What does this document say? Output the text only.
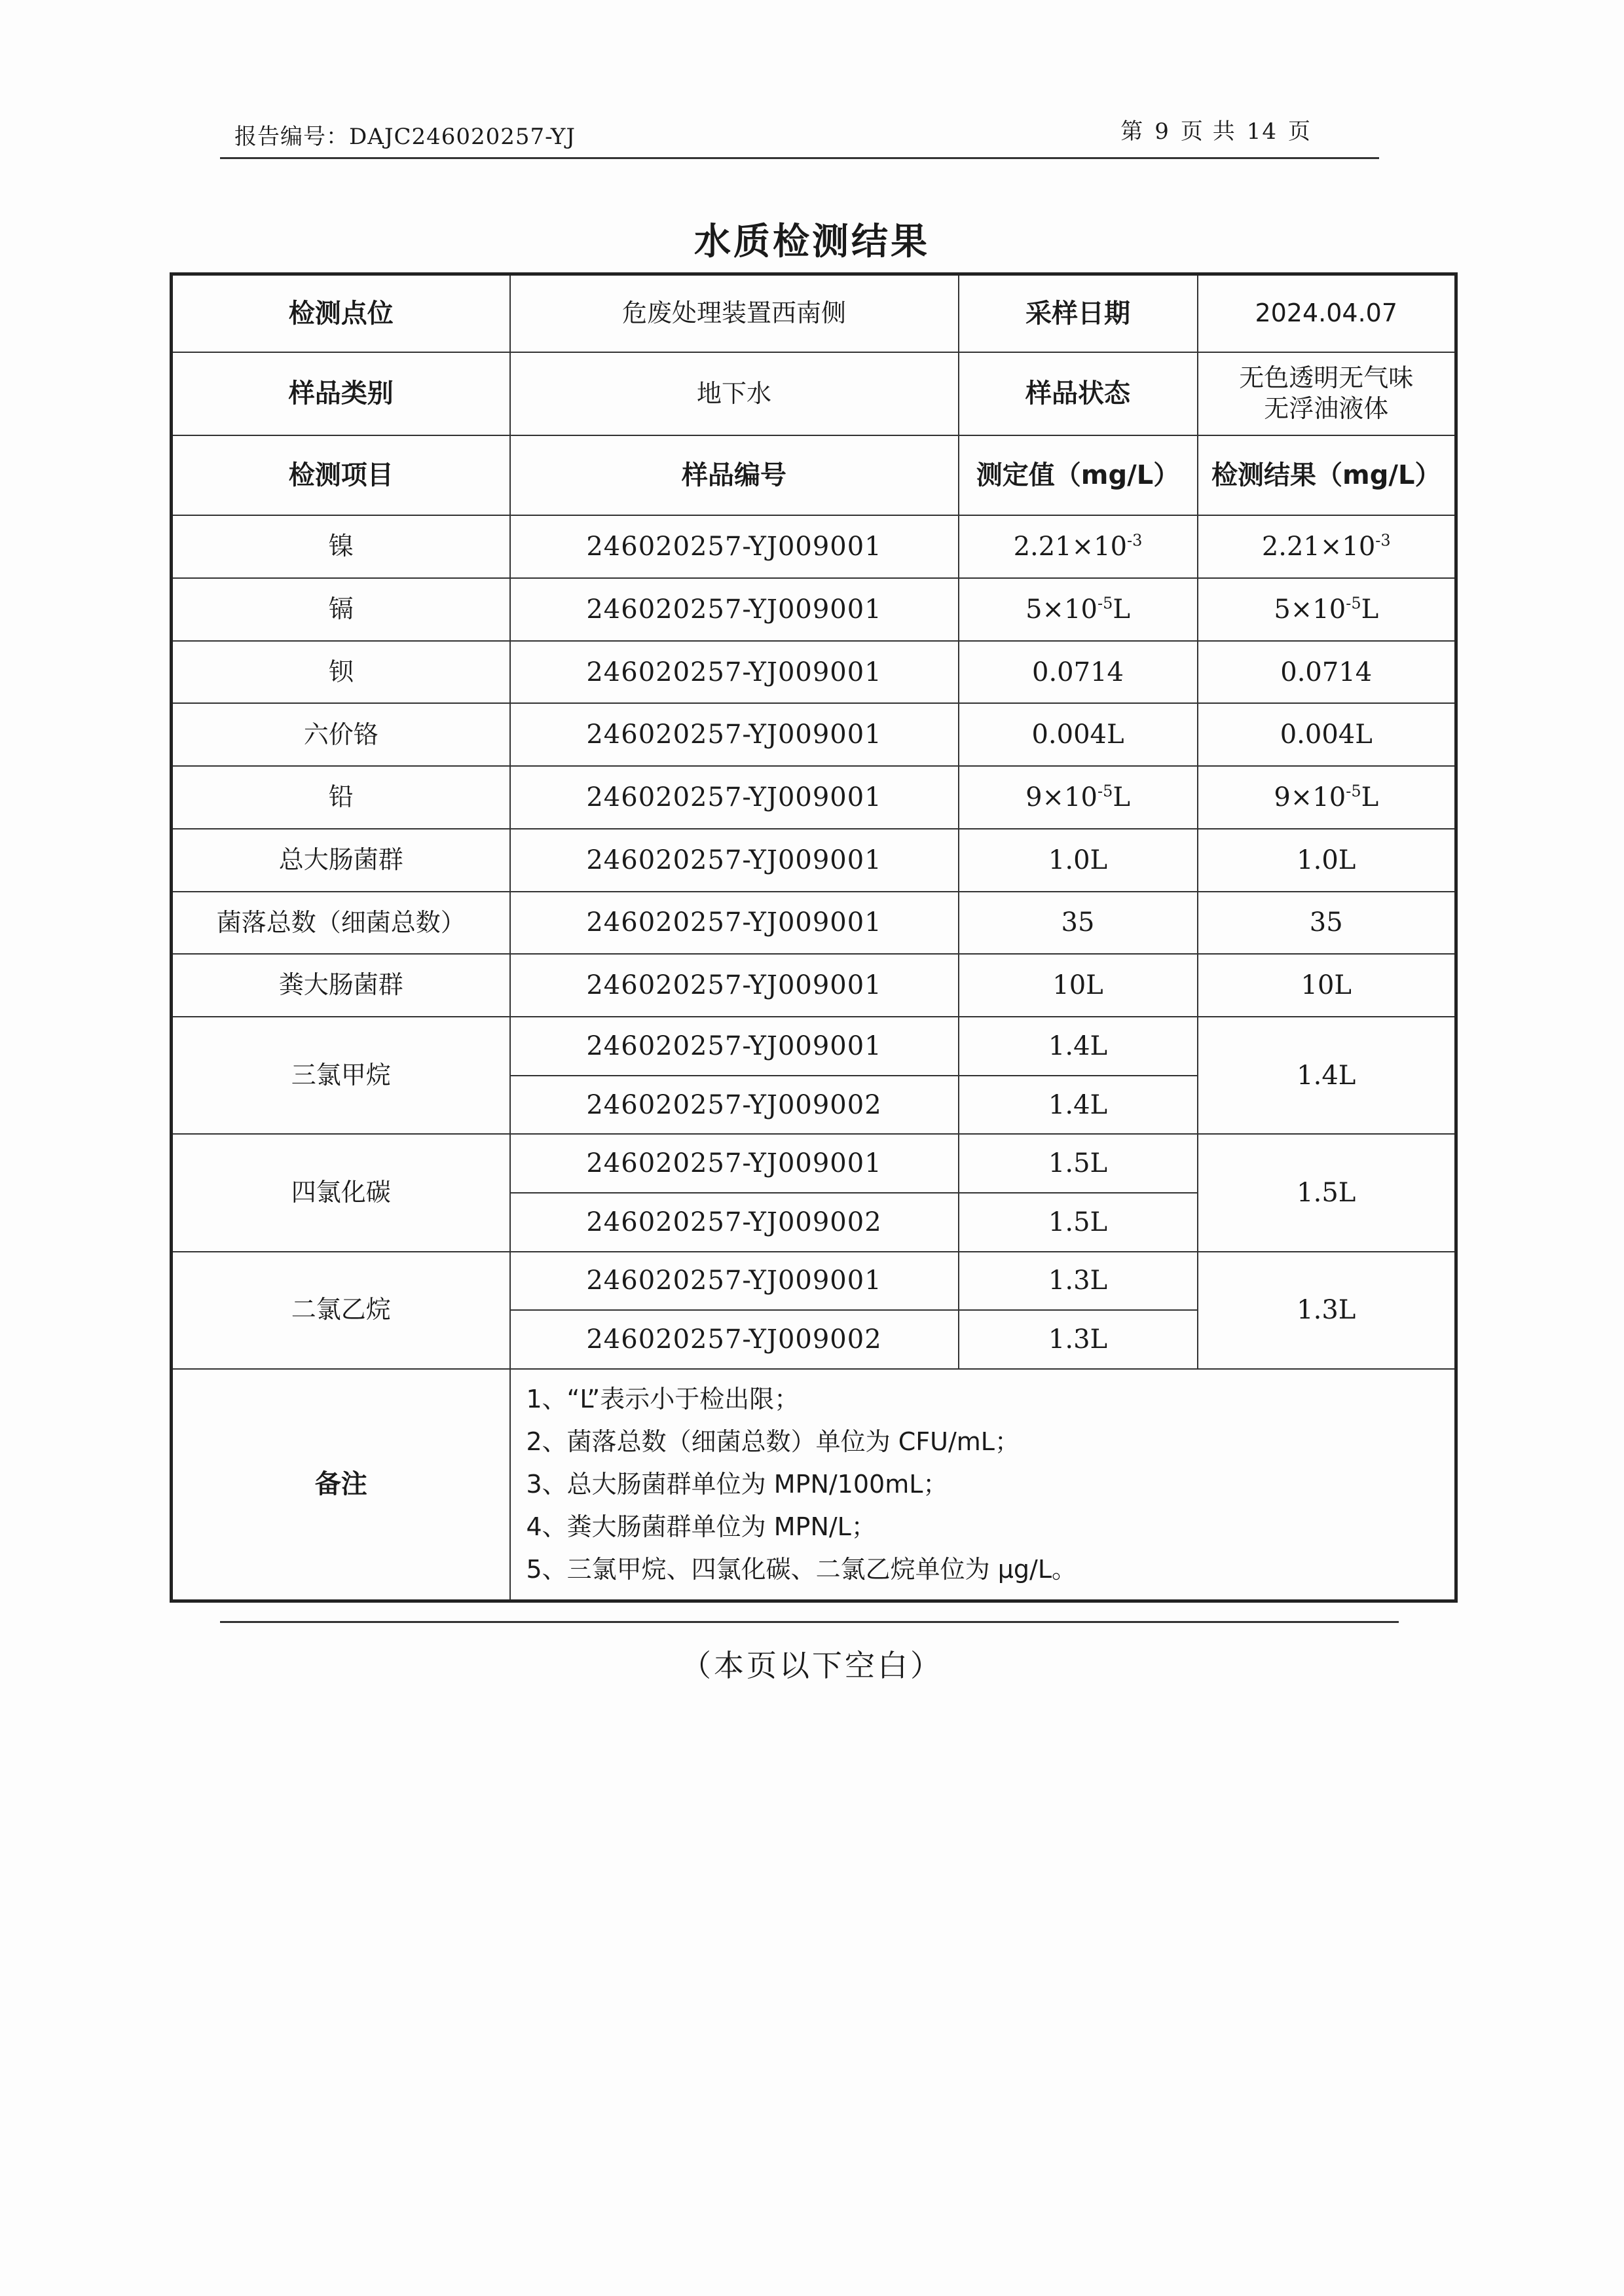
报告编号：DAJC246020257-YJ	第 9 页 共 14 页
水质检测结果
检测点位	危废处理装置西南侧	采样日期	2024.04.07
样品类别	地下水	样品状态	无色透明无气味
无浮油液体

检测项目	样品编号	测定值（mg/L）	检测结果（mg/L）
镍	246020257-YJ009001	$2.21\times 10^{-3}$	$2.21\times 10^{-3}$
镉	246020257-YJ009001	$5\times 10^{-5}L$	$5\times 10^{-5}L$
钡	246020257-YJ009001	0.0714	0.0714
六价铬	246020257-YJ009001	0.004L	0.004L
铅	246020257-YJ009001	$9\times 10^{-5}L$	$9\times 10^{-5}L$
总大肠菌群	246020257-YJ009001	1.0L	1.0L
菌落总数（细菌总数）	246020257-YJ009001	35	35
粪大肠菌群	246020257-YJ009001	10L	10L
三氯甲烷	246020257-YJ009001	1.4L	1.4L
	246020257-YJ009002	1.4L	
四氯化碳	246020257-YJ009001	1.5L	1.5L
	246020257-YJ009002	1.5L	
二氯乙烷	246020257-YJ009001	1.3L	1.3L
	246020257-YJ009002	1.3L	
备注	1、“L”表示小于检出限；
2、菌落总数（细菌总数）单位为 CFU/mL；
3、总大肠菌群单位为 MPN/100mL；
4、粪大肠菌群单位为 MPN/L；
5、三氯甲烷、四氯化碳、二氯乙烷单位为 μg/L。		
（本页以下空白）
